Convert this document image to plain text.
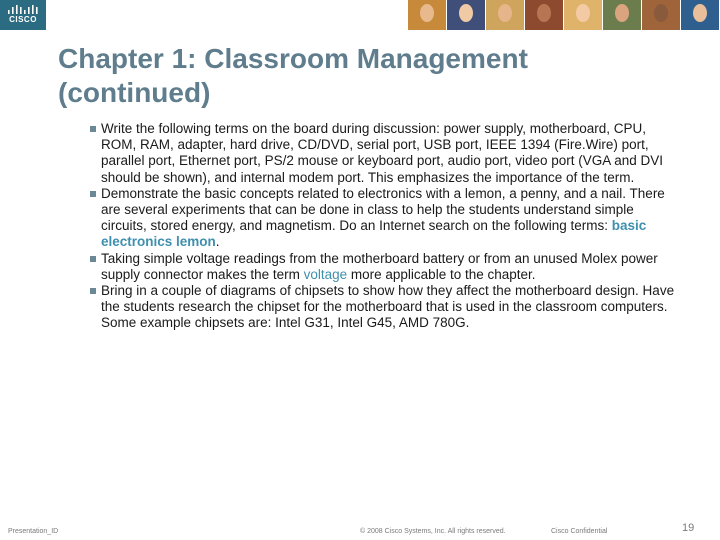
CISCO
Chapter 1: Classroom Management
(continued)
Write the following terms on the board during discussion: power supply, motherboard, CPU, ROM, RAM, adapter, hard drive, CD/DVD, serial port, USB port, IEEE 1394 (Fire.Wire) port, parallel port, Ethernet port, PS/2 mouse or keyboard port, audio port, video port (VGA and DVI should be shown), and internal modem port. This emphasizes the importance of the term.
Demonstrate the basic concepts related to electronics with a lemon, a penny, and a nail. There are several experiments that can be done in class to help the students understand simple circuits, stored energy, and magnetism. Do an Internet search on the following terms: basic electronics lemon.
Taking simple voltage readings from the motherboard battery or from an unused Molex power supply connector makes the term voltage more applicable to the chapter.
Bring in a couple of diagrams of chipsets to show how they affect the motherboard design. Have the students research the chipset for the motherboard that is used in the classroom computers. Some example chipsets are: Intel G31, Intel G45, AMD 780G.
Presentation_ID	© 2008 Cisco Systems, Inc. All rights reserved.	Cisco Confidential	19
